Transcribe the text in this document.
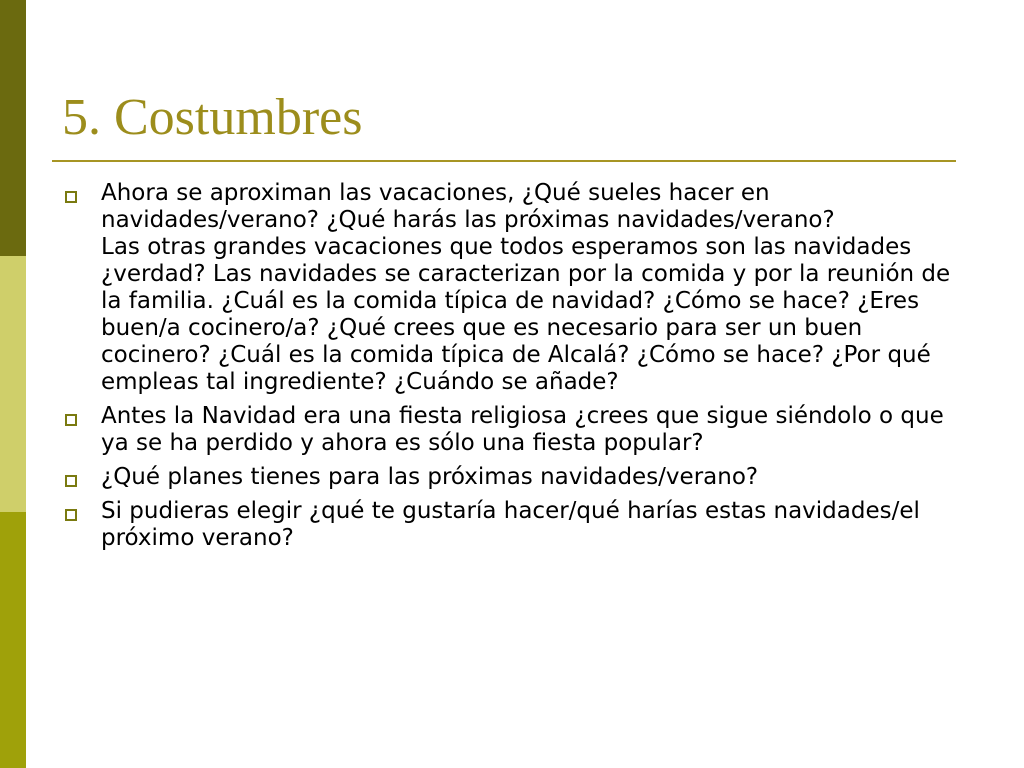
5. Costumbres
Ahora se aproximan las vacaciones, ¿Qué sueles hacer en navidades/verano? ¿Qué harás las próximas navidades/verano?
Las otras grandes vacaciones que todos esperamos son las navidades ¿verdad? Las navidades se caracterizan por la comida y por la reunión de la familia. ¿Cuál es la comida típica de navidad? ¿Cómo se hace? ¿Eres buen/a cocinero/a? ¿Qué crees que es necesario para ser un buen cocinero? ¿Cuál es la comida típica de Alcalá? ¿Cómo se hace? ¿Por qué empleas tal ingrediente? ¿Cuándo se añade?
Antes la Navidad era una fiesta religiosa ¿crees que sigue siéndolo o que ya se ha perdido y ahora es sólo una fiesta popular?
¿Qué planes tienes para las próximas navidades/verano?
Si pudieras elegir ¿qué te gustaría hacer/qué harías estas navidades/el próximo verano?
